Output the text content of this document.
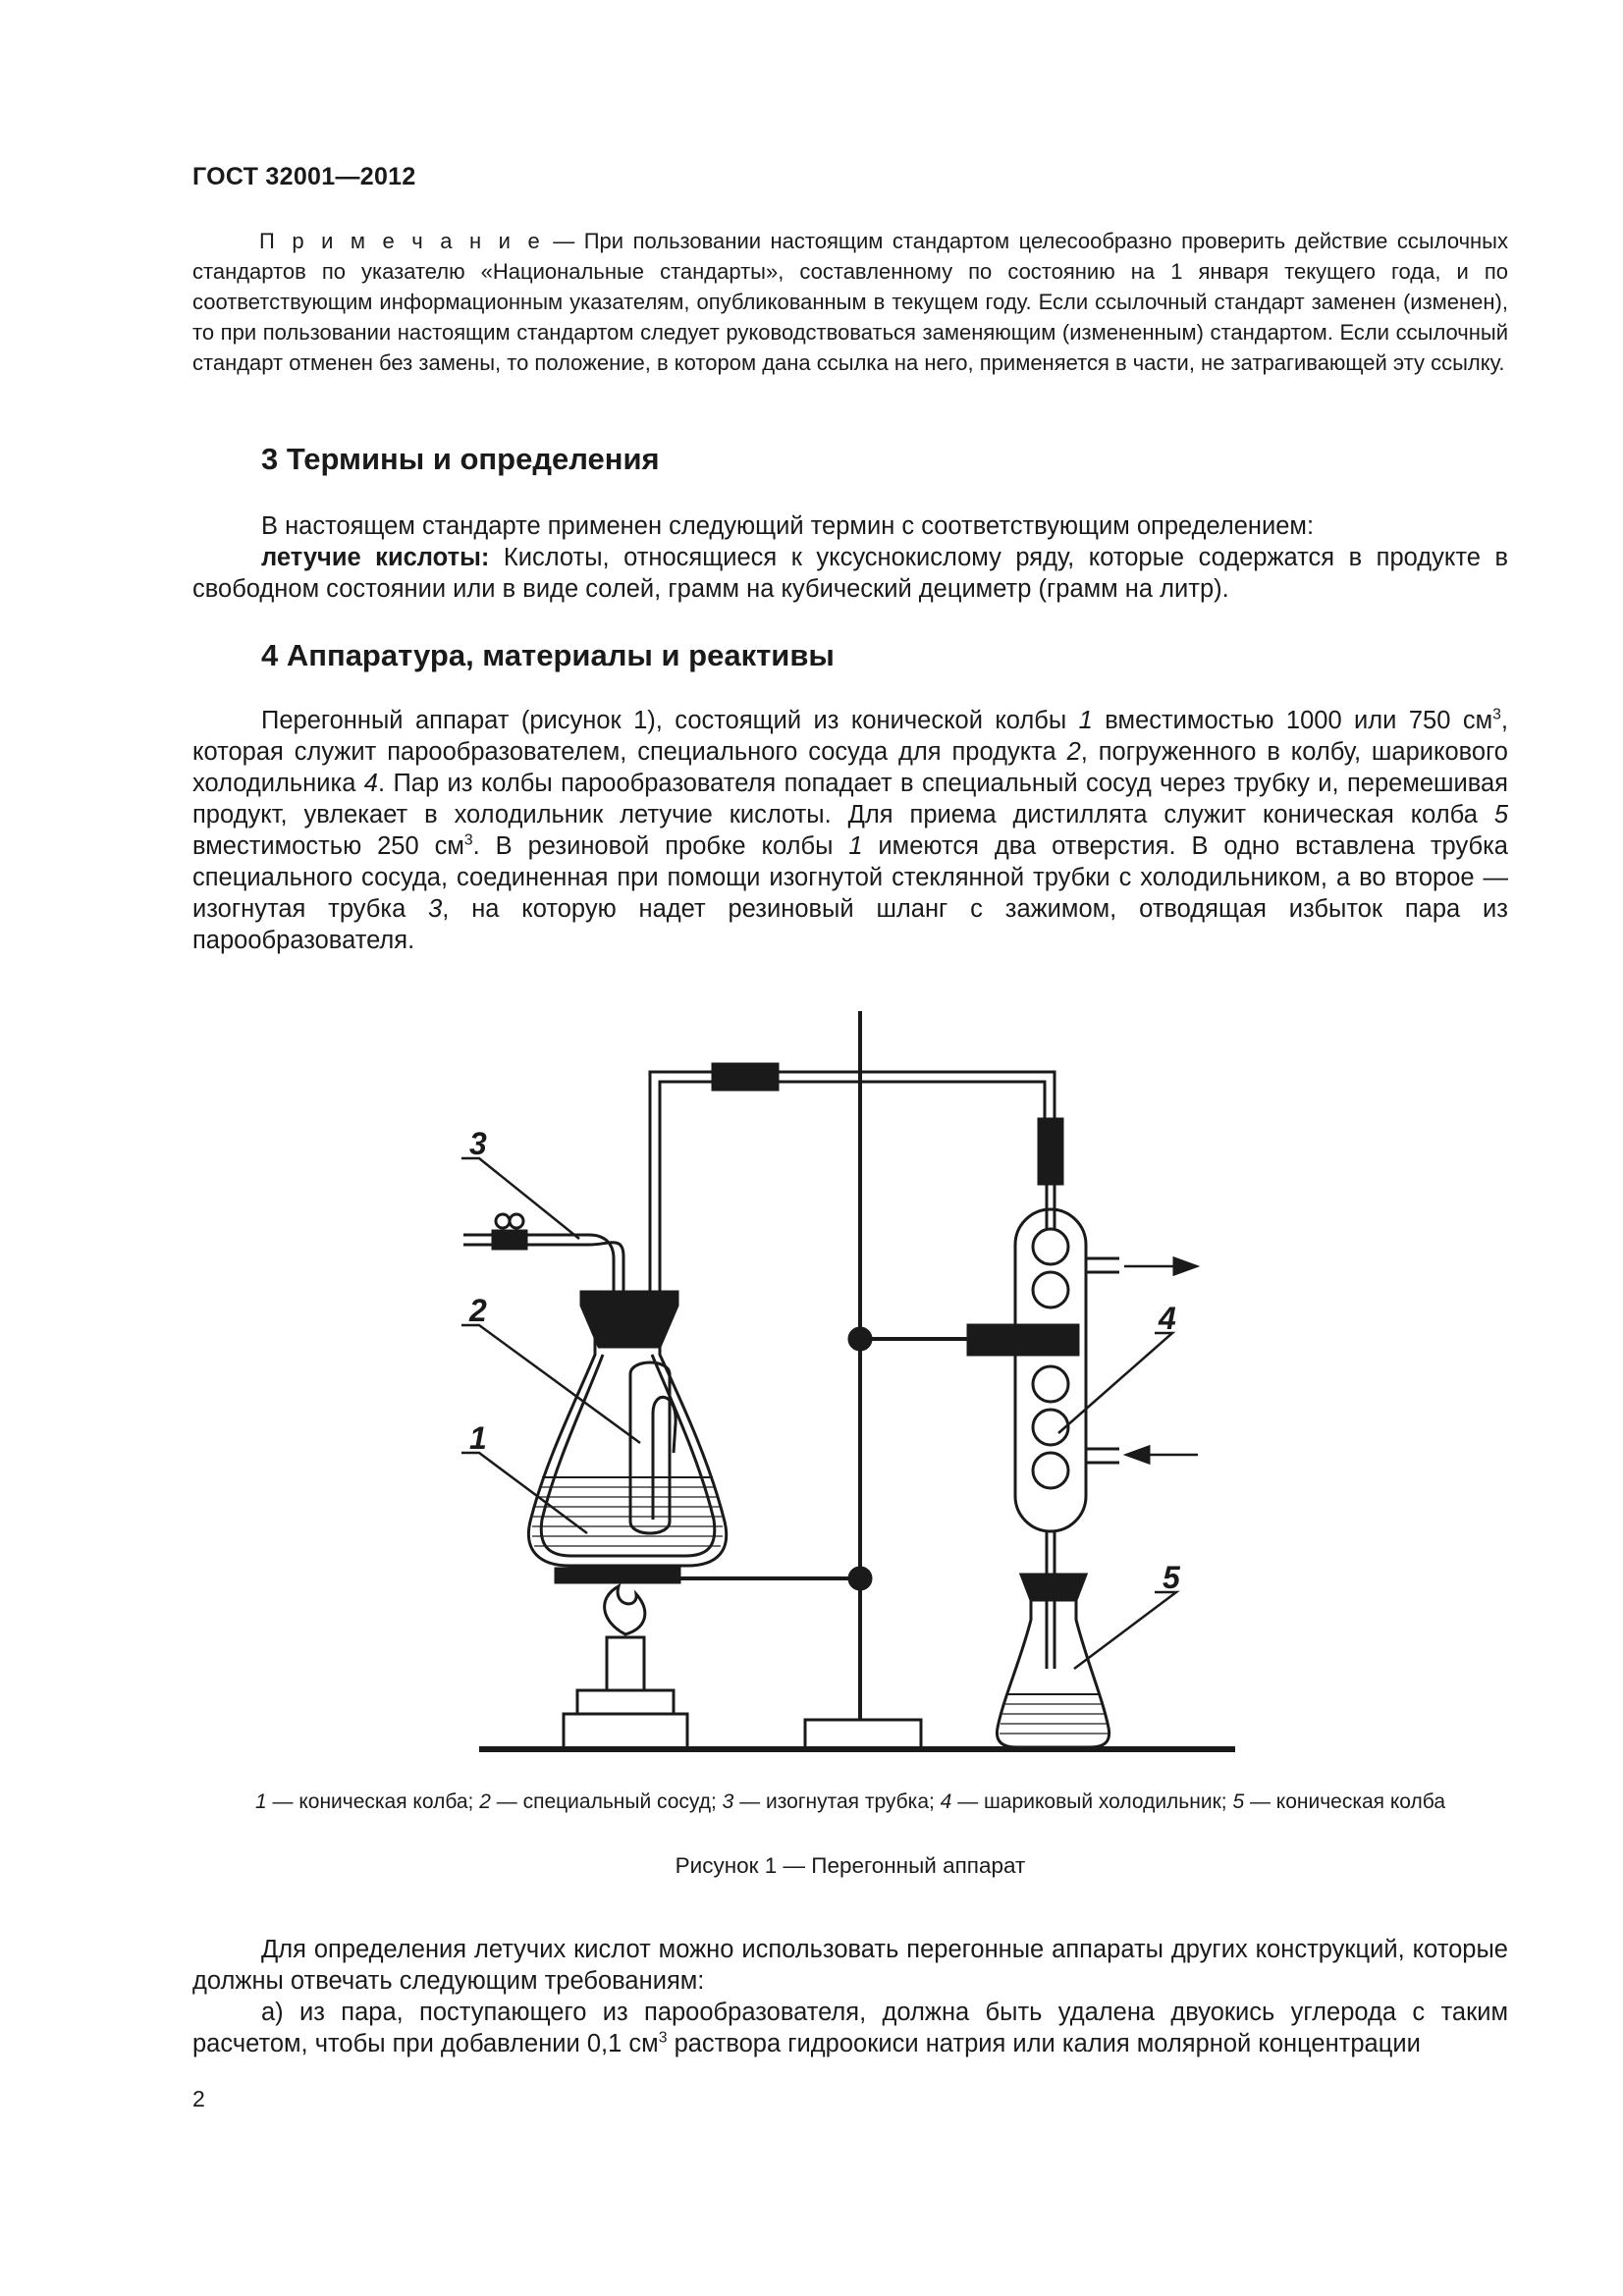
ГОСТ 32001—2012
П р и м е ч а н и е — При пользовании настоящим стандартом целесообразно проверить действие ссылочных стандартов по указателю «Национальные стандарты», составленному по состоянию на 1 января текущего года, и по соответствующим информационным указателям, опубликованным в текущем году. Если ссылочный стандарт заменен (изменен), то при пользовании настоящим стандартом следует руководствоваться заменяющим (измененным) стандартом. Если ссылочный стандарт отменен без замены, то положение, в котором дана ссылка на него, применяется в части, не затрагивающей эту ссылку.
3 Термины и определения
В настоящем стандарте применен следующий термин с соответствующим определением:
летучие кислоты: Кислоты, относящиеся к уксуснокислому ряду, которые содержатся в продукте в свободном состоянии или в виде солей, грамм на кубический дециметр (грамм на литр).
4 Аппаратура, материалы и реактивы
Перегонный аппарат (рисунок 1), состоящий из конической колбы 1 вместимостью 1000 или 750 $см^3$, которая служит парообразователем, специального сосуда для продукта 2, погруженного в колбу, шарикового холодильника 4. Пар из колбы парообразователя попадает в специальный сосуд через трубку и, перемешивая продукт, увлекает в холодильник летучие кислоты. Для приема дистиллята служит коническая колба 5 вместимостью 250 $см^3$. В резиновой пробке колбы 1 имеются два отверстия. В одно вставлена трубка специального сосуда, соединенная при помощи изогнутой стеклянной трубки с холодильником, а во второе — изогнутая трубка 3, на которую надет резиновый шланг с зажимом, отводящая избыток пара из парообразователя.
3
2
1
4
5
1 — коническая колба; 2 — специальный сосуд; 3 — изогнутая трубка; 4 — шариковый холодильник; 5 — коническая колба
Рисунок 1 — Перегонный аппарат
Для определения летучих кислот можно использовать перегонные аппараты других конструкций, которые должны отвечать следующим требованиям:
а) из пара, поступающего из парообразователя, должна быть удалена двуокись углерода с таким расчетом, чтобы при добавлении 0,1 $см^3$ раствора гидроокиси натрия или калия молярной концентрации
2
